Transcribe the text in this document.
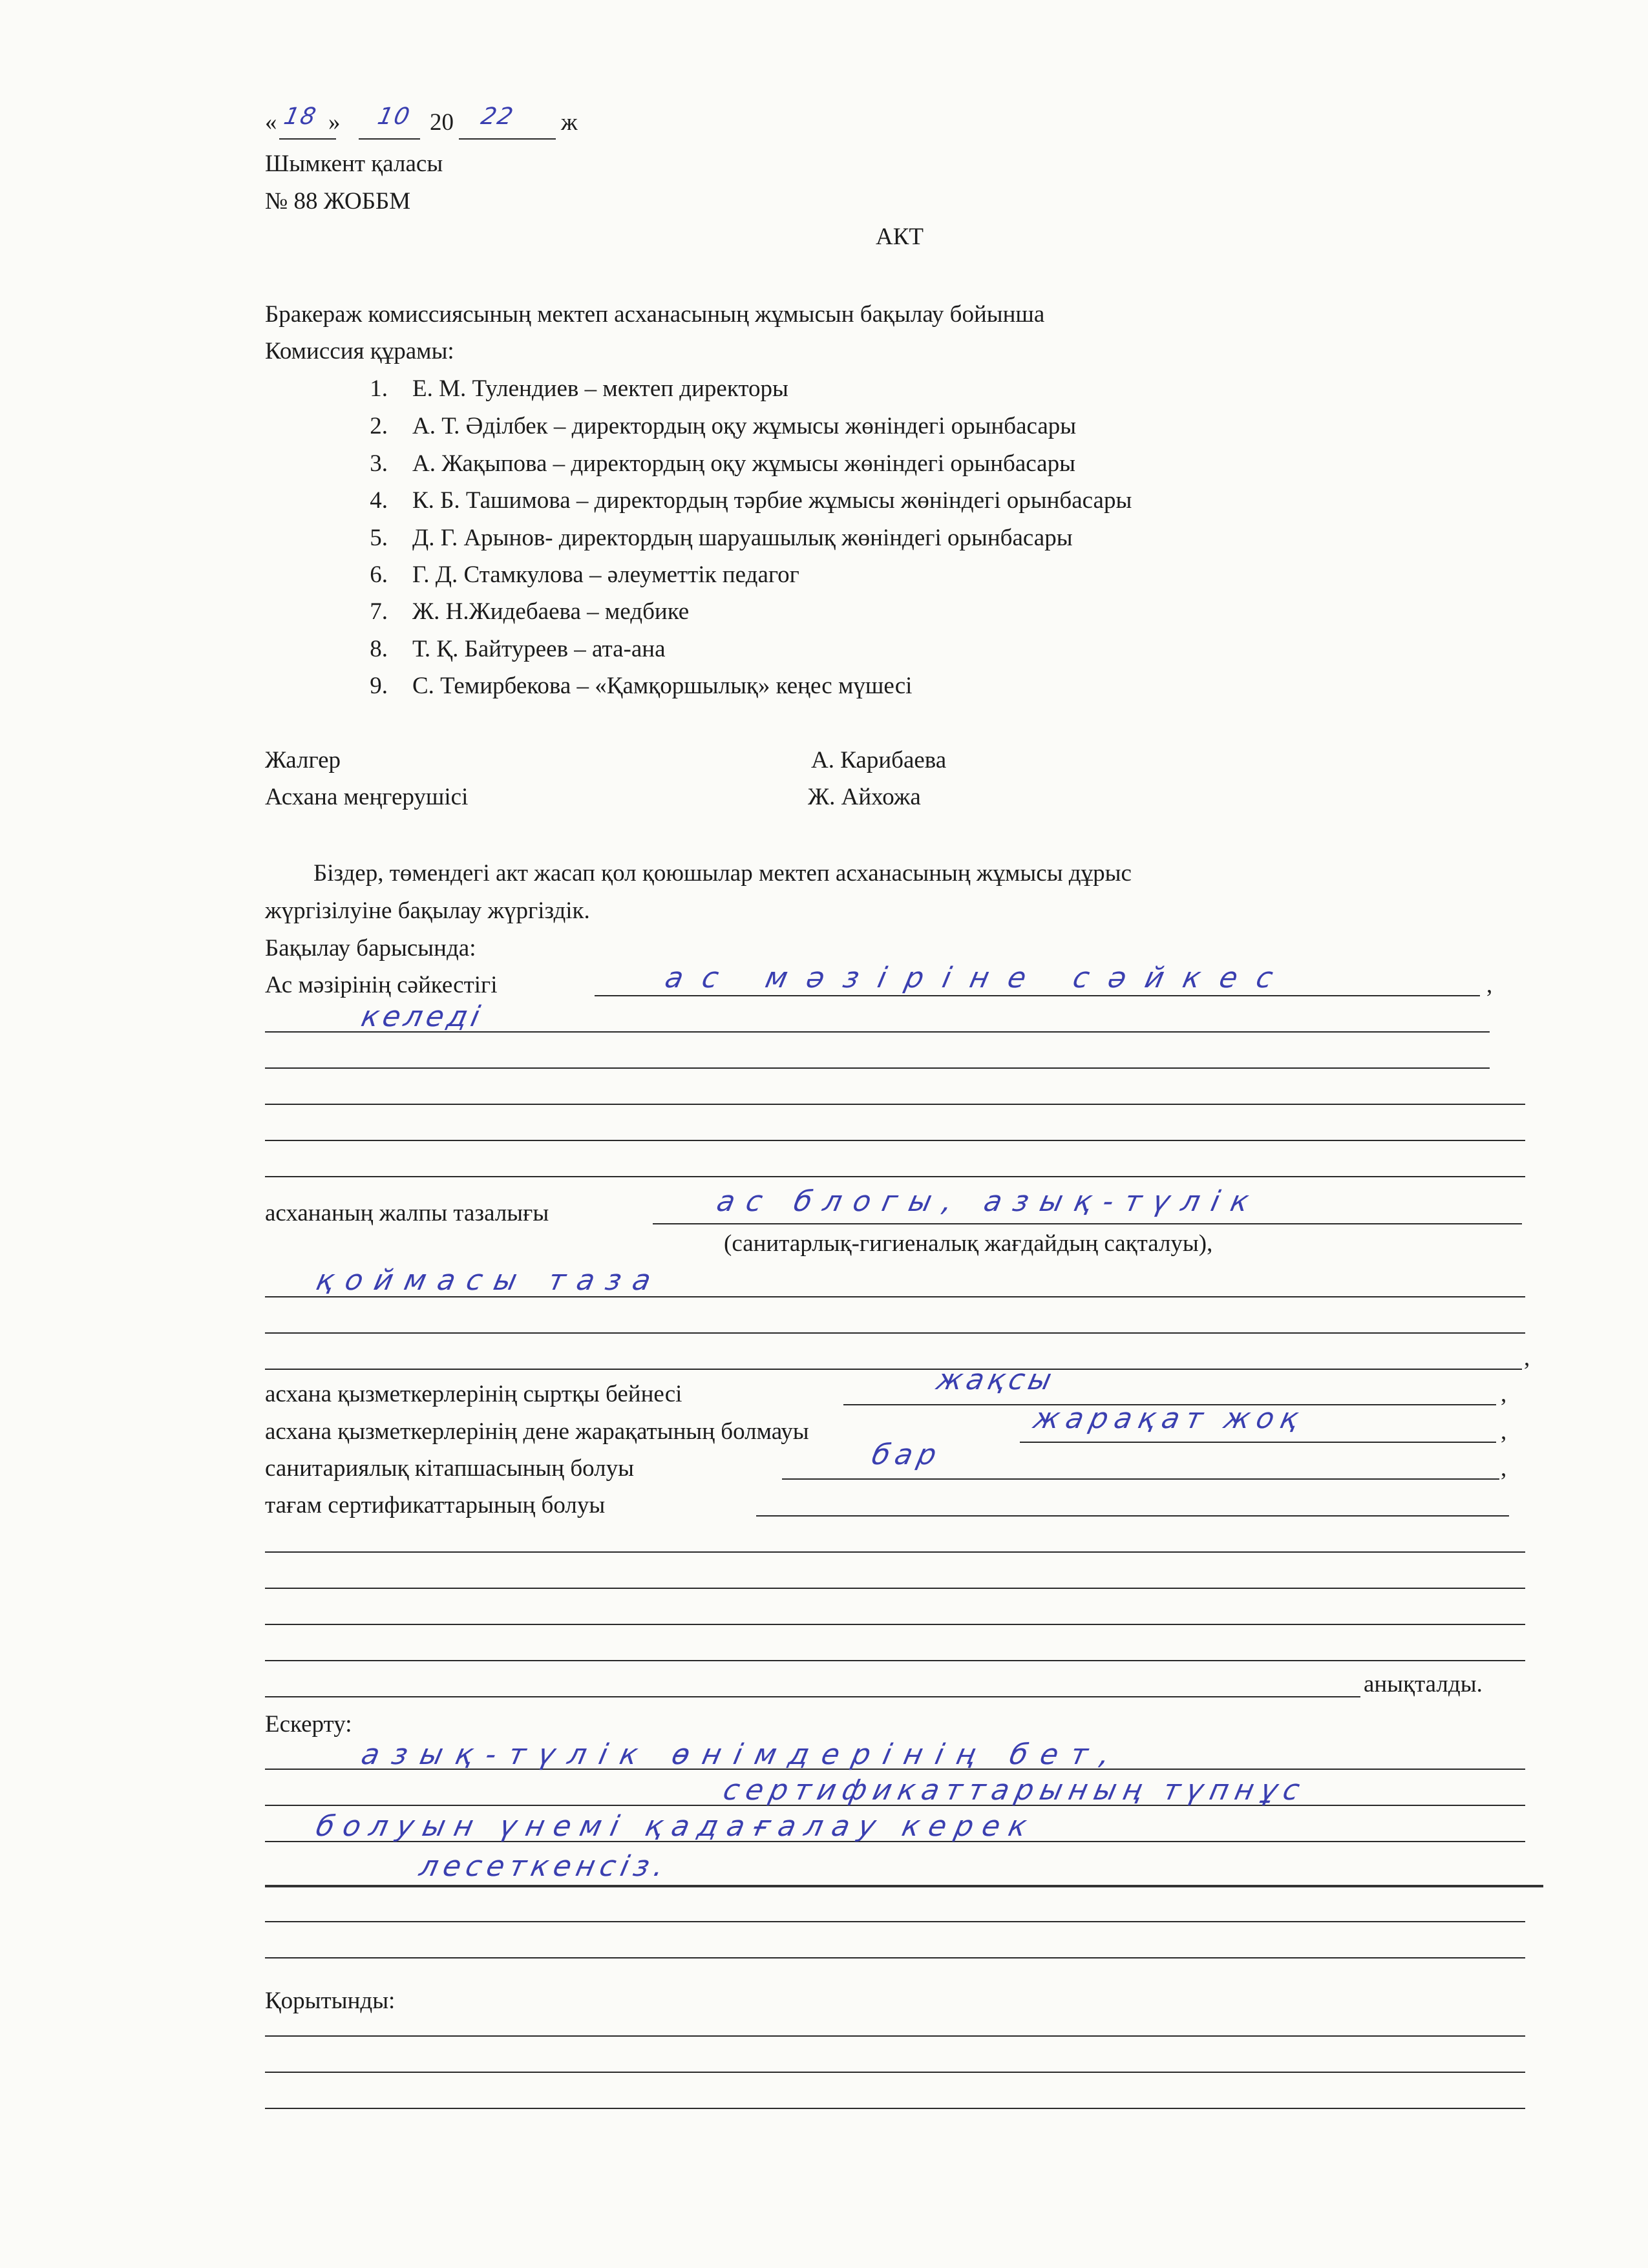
« 18 » 10 20 22 ж
Шымкент қаласы
№ 88 ЖОББМ
АКТ
Бракераж комиссиясының мектеп асханасының жұмысын бақылау бойынша
Комиссия құрамы:
1. Е. М. Тулендиев – мектеп директоры
2. А. Т. Әділбек – директордың оқу жұмысы жөніндегі орынбасары
3. А. Жақыпова – директордың оқу жұмысы жөніндегі орынбасары
4. К. Б. Ташимова – директордың тәрбие жұмысы жөніндегі орынбасары
5. Д. Г. Арынов- директордың шаруашылық жөніндегі орынбасары
6. Г. Д. Стамкулова – әлеуметтік педагог
7. Ж. Н.Жидебаева – медбике
8. Т. Қ. Байтуреев – ата-ана
9. С. Темирбекова – «Қамқоршылық» кеңес мүшесі
Жалгер	А. Карибаева
Асхана меңгерушісі	Ж. Айхожа
Біздер, төмендегі акт жасап қол қоюшылар мектеп асханасының жұмысы дұрыс
жүргізілуіне бақылау жүргіздік.
Бақылау барысында:
Ас мәзірінің сәйкестігі	,
ас мәзіріне сәйкес
келеді
асхананың жалпы тазалығы	ас блогы, азық-түлік
(санитарлық-гигиеналық жағдайдың сақталуы),
қоймасы таза
,
асхана қызметкерлерінің сыртқы бейнесі	жақсы	,
асхана қызметкерлерінің дене жарақатының болмауы	жарақат жоқ	,
санитариялық кітапшасының болуы	бар	,
тағам сертификаттарының болуы
анықталды.
Ескерту:
азық-түлік өнімдерінің бет,
сертификаттарының түпнұс
болуын үнемі қадағалау керек
лесеткенсіз.
Қорытынды:
